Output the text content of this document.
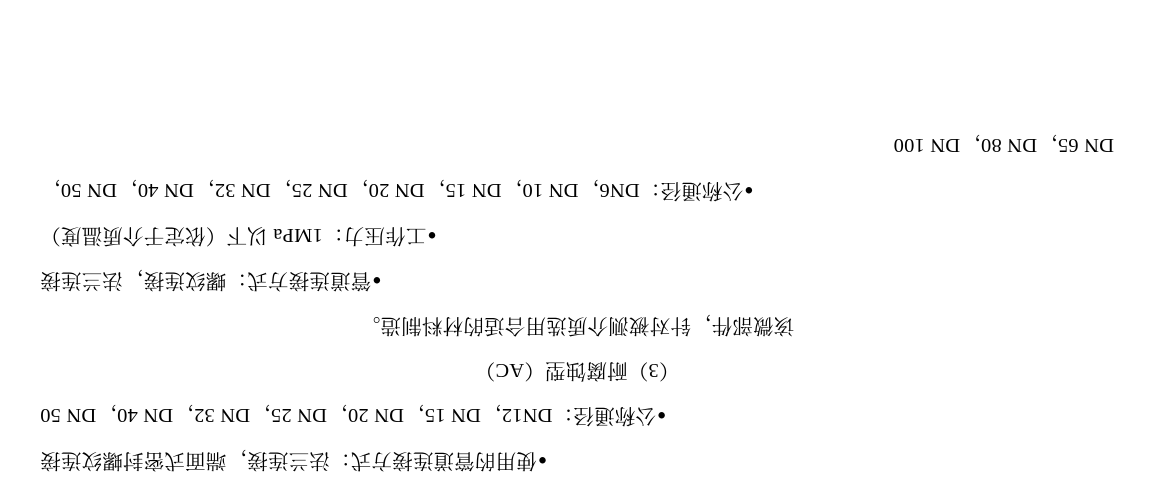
●使用的管道连接方式：法兰连接，端面式密封螺纹连接
●公称通径：DN12，DN 15，DN 20，DN 25，DN 32，DN 40，DN 50
（3）耐腐蚀型（AC）
该微部件，针对被测介质选用合适的材料制造。
●管道连接方式：螺纹连接，法兰连接
●工作压力：1MPa 以下（依定于介质温度）
●公称通径：DN6，DN 10，DN 15，DN 20，DN 25，DN 32，DN 40，DN 50，
DN 65，DN 80，DN 100
